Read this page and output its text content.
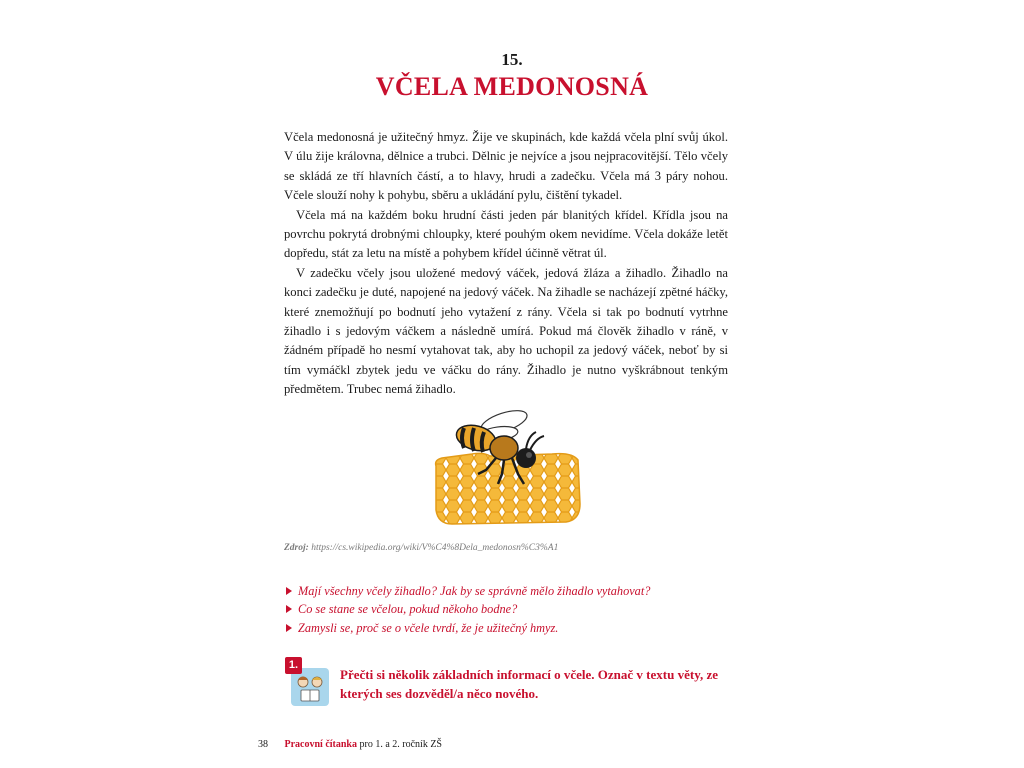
15.
VČELA MEDONOSNÁ

Včela medonosná je užitečný hmyz. Žije ve skupinách, kde každá včela plní svůj úkol. V úlu žije královna, dělnice a trubci. Dělnic je nejvíce a jsou nejpracovitější. Tělo včely se skládá ze tří hlavních částí, a to hlavy, hrudi a zadečku. Včela má 3 páry nohou. Včele slouží nohy k pohybu, sběru a ukládání pylu, čištění tykadel.

Včela má na každém boku hrudní části jeden pár blanitých křídel. Křídla jsou na povrchu pokrytá drobnými chloupky, které pouhým okem nevidíme. Včela dokáže letět dopředu, stát za letu na místě a pohybem křídel účinně větrat úl.

V zadečku včely jsou uložené medový váček, jedová žláza a žihadlo. Žihadlo na konci zadečku je duté, napojené na jedový váček. Na žihadle se nacházejí zpětné háčky, které znemožňují po bodnutí jeho vytažení z rány. Včela si tak po bodnutí vytrhne žihadlo i s jedovým váčkem a následně umírá. Pokud má člověk žihadlo v ráně, v žádném případě ho nesmí vytahovat tak, aby ho uchopil za jedový váček, neboť by si tím vymáčkl zbytek jedu ve váčku do rány. Žihadlo je nutno vyškrábnout tenkým předmětem. Trubec nemá žihadlo.

Zdroj: https://cs.wikipedia.org/wiki/V%C4%8Dela_medonosn%C3%A1
Mají všechny včely žihadlo? Jak by se správně mělo žihadlo vytahovat?
Co se stane se včelou, pokud někoho bodne?
Zamysli se, proč se o včele tvrdí, že je užitečný hmyz.
1.
Přečti si několik základních informací o včele. Označ v textu věty, ze kterých ses dozvěděl/a něco nového.
38 Pracovní čítanka pro 1. a 2. ročník ZŠ
